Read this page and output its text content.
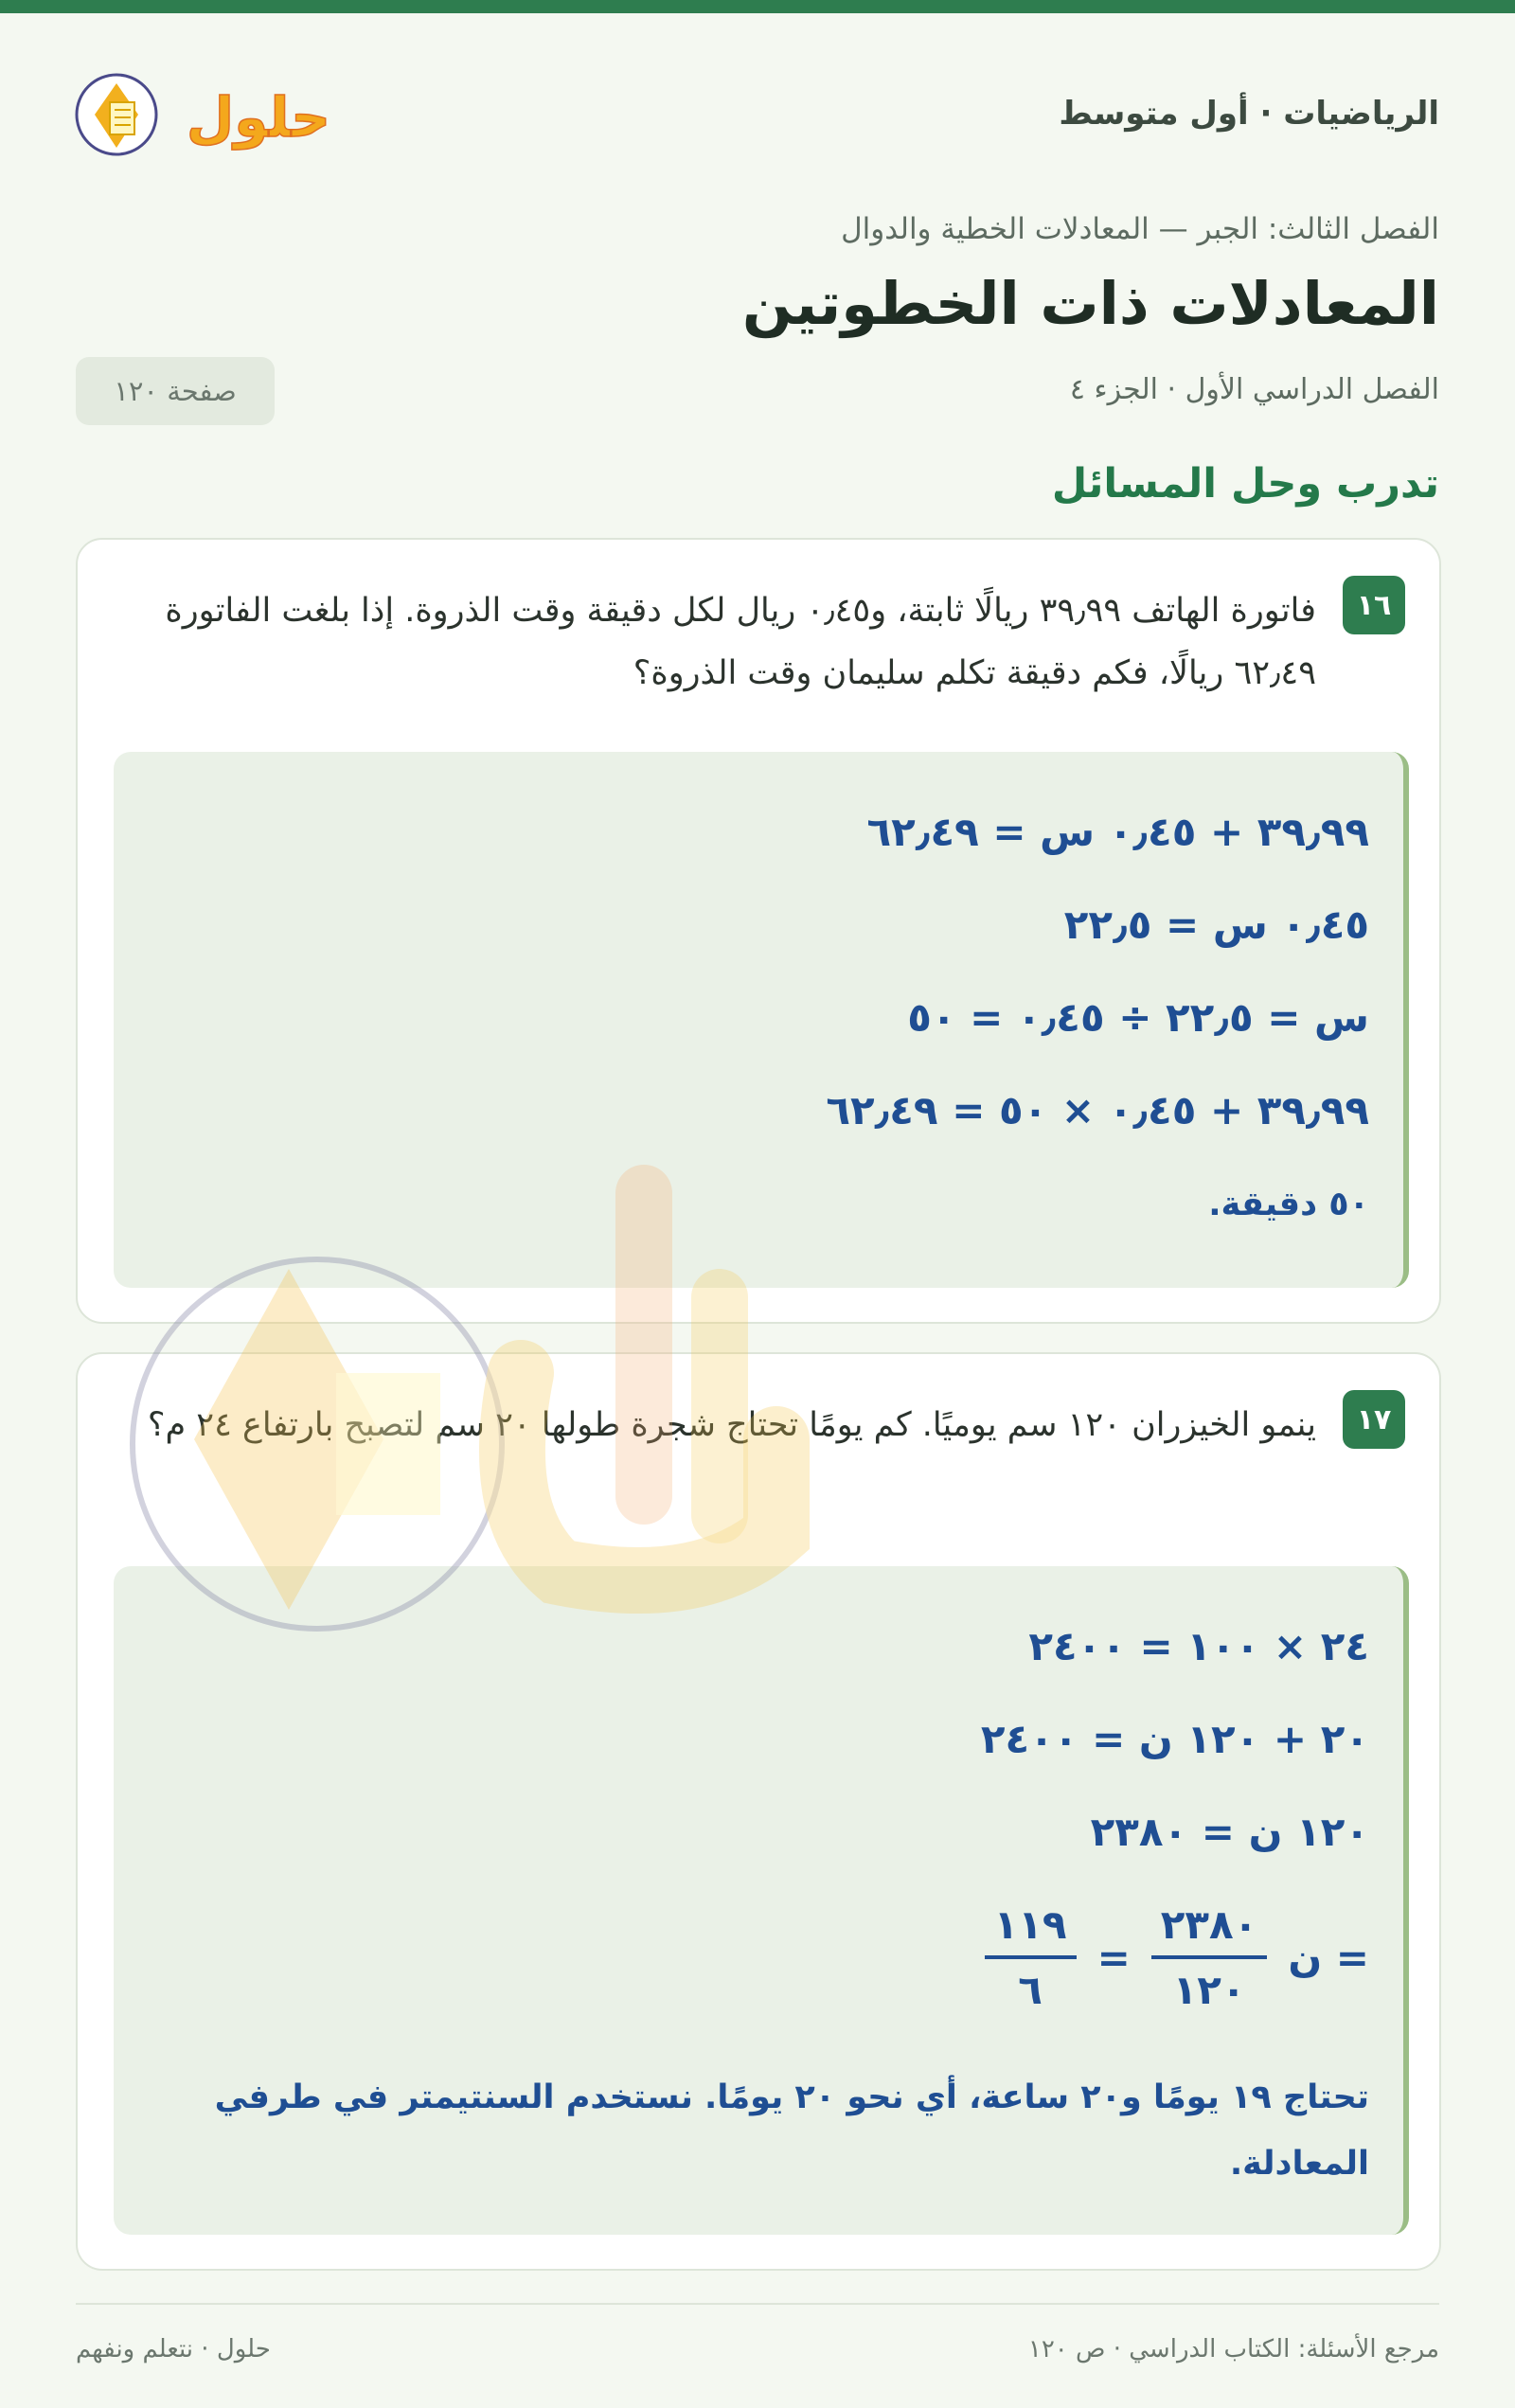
الرياضيات · أول متوسط
حلول
الفصل الثالث: الجبر — المعادلات الخطية والدوال
المعادلات ذات الخطوتين
الفصل الدراسي الأول · الجزء ٤
صفحة ١٢٠
تدرب وحل المسائل
١٦
فاتورة الهاتف ٣٩٫٩٩ ريالًا ثابتة، و٠٫٤٥ ريال لكل دقيقة وقت الذروة. إذا بلغت الفاتورة ٦٢٫٤٩ ريالًا، فكم دقيقة تكلم سليمان وقت الذروة؟
٣٩٫٩٩ + ٠٫٤٥ س = ٦٢٫٤٩
٠٫٤٥ س = ٢٢٫٥
س = ٢٢٫٥ ÷ ٠٫٤٥ = ٥٠
٣٩٫٩٩ + ٠٫٤٥ × ٥٠ = ٦٢٫٤٩
٥٠ دقيقة.
١٧
ينمو الخيزران ١٢٠ سم يوميًا. كم يومًا تحتاج شجرة طولها ٢٠ سم لتصبح بارتفاع ٢٤ م؟
٢٤ × ١٠٠ = ٢٤٠٠
٢٠ + ١٢٠ ن = ٢٤٠٠
١٢٠ ن = ٢٣٨٠
ن =
$\frac{٢٣٨٠}{١٢٠}$
=
$\frac{١١٩}{٦}$
تحتاج ١٩ يومًا و٢٠ ساعة، أي نحو ٢٠ يومًا. نستخدم السنتيمتر في طرفي المعادلة.
مرجع الأسئلة: الكتاب الدراسي · ص ١٢٠
حلول · نتعلم ونفهم
